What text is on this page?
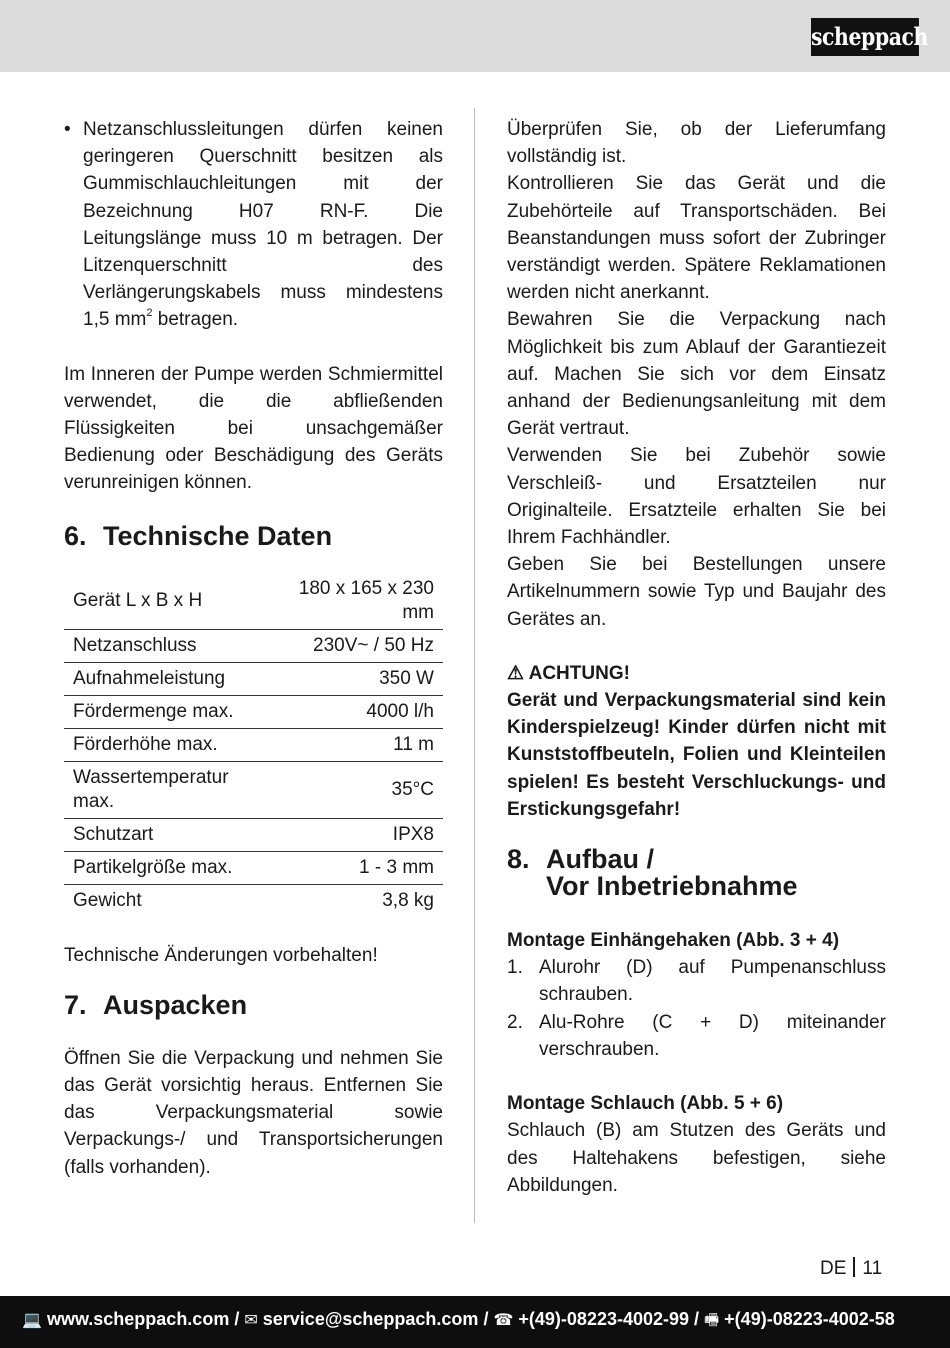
scheppach
• Netzanschlussleitungen dürfen keinen geringeren Querschnitt besitzen als Gummischlauchleitungen mit der Bezeichnung H07 RN-F. Die Leitungslänge muss 10 m betragen. Der Litzenquerschnitt des Verlängerungskabels muss mindestens 1,5 $mm^2$ betragen.

Im Inneren der Pumpe werden Schmiermittel verwendet, die die abfließenden Flüssigkeiten bei unsachgemäßer Bedienung oder Beschädigung des Geräts verunreinigen können.

6. Technische Daten
Gerät L x B x H	180 x 165 x 230 mm
Netzanschluss	230V~ / 50 Hz
Aufnahmeleistung	350 W
Fördermenge max.	4000 l/h
Förderhöhe max.	11 m
Wassertemperatur max.	35°C
Schutzart	IPX8
Partikelgröße max.	1 - 3 mm
Gewicht	3,8 kg

Technische Änderungen vorbehalten!

7. Auspacken

Öffnen Sie die Verpackung und nehmen Sie das Gerät vorsichtig heraus. Entfernen Sie das Verpackungsmaterial sowie Verpackungs-/ und Transportsicherungen (falls vorhanden).

Überprüfen Sie, ob der Lieferumfang vollständig ist.

Kontrollieren Sie das Gerät und die Zubehörteile auf Transportschäden. Bei Beanstandungen muss sofort der Zubringer verständigt werden. Spätere Reklamationen werden nicht anerkannt.

Bewahren Sie die Verpackung nach Möglichkeit bis zum Ablauf der Garantiezeit auf. Machen Sie sich vor dem Einsatz anhand der Bedienungsanleitung mit dem Gerät vertraut.

Verwenden Sie bei Zubehör sowie Verschleiß- und Ersatzteilen nur Originalteile. Ersatzteile erhalten Sie bei Ihrem Fachhändler.

Geben Sie bei Bestellungen unsere Artikelnummern sowie Typ und Baujahr des Gerätes an.

⚠ ACHTUNG!

Gerät und Verpackungsmaterial sind kein Kinderspielzeug! Kinder dürfen nicht mit Kunststoffbeuteln, Folien und Kleinteilen spielen! Es besteht Verschluckungs- und Erstickungsgefahr!

8. Aufbau /
Vor Inbetriebnahme

Montage Einhängehaken (Abb. 3 + 4)

1. Alurohr (D) auf Pumpenanschluss schrauben.
2. Alu-Rohre (C + D) miteinander verschrauben.

Montage Schlauch (Abb. 5 + 6)

Schlauch (B) am Stutzen des Geräts und des Haltehakens befestigen, siehe Abbildungen.

DE 11
💻 www.scheppach.com / ✉ service@scheppach.com / ☎ +(49)-08223-4002-99 / 🖷 +(49)-08223-4002-58
